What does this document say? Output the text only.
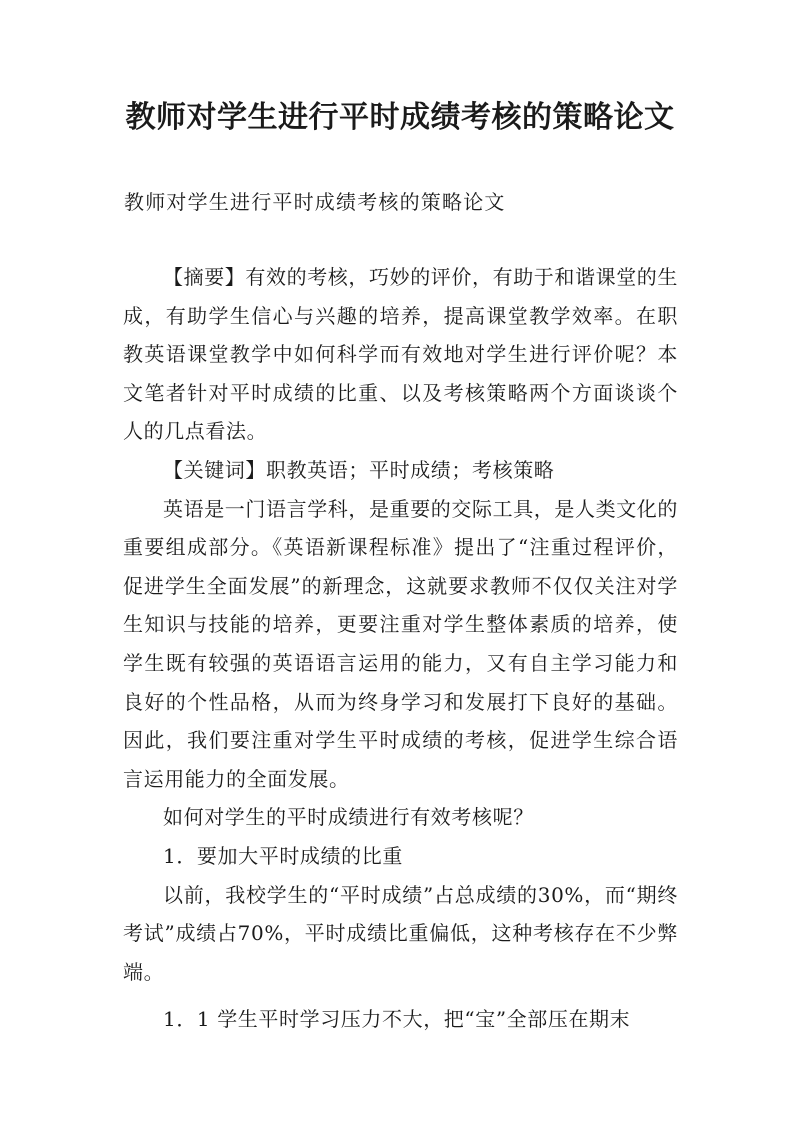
教师对学生进行平时成绩考核的策略论文

教师对学生进行平时成绩考核的策略论文

【摘要】有效的考核，巧妙的评价，有助于和谐课堂的生成，有助学生信心与兴趣的培养，提高课堂教学效率。在职教英语课堂教学中如何科学而有效地对学生进行评价呢？本文笔者针对平时成绩的比重、以及考核策略两个方面谈谈个人的几点看法。

【关键词】职教英语；平时成绩；考核策略

英语是一门语言学科，是重要的交际工具，是人类文化的重要组成部分。《英语新课程标准》提出了“注重过程评价，促进学生全面发展”的新理念，这就要求教师不仅仅关注对学生知识与技能的培养，更要注重对学生整体素质的培养，使学生既有较强的英语语言运用的能力，又有自主学习能力和良好的个性品格，从而为终身学习和发展打下良好的基础。因此，我们要注重对学生平时成绩的考核，促进学生综合语言运用能力的全面发展。

如何对学生的平时成绩进行有效考核呢？

1．要加大平时成绩的比重

以前，我校学生的“平时成绩”占总成绩的30%，而“期终考试”成绩占70%，平时成绩比重偏低，这种考核存在不少弊端。

1．1 学生平时学习压力不大，把“宝”全部压在期末
